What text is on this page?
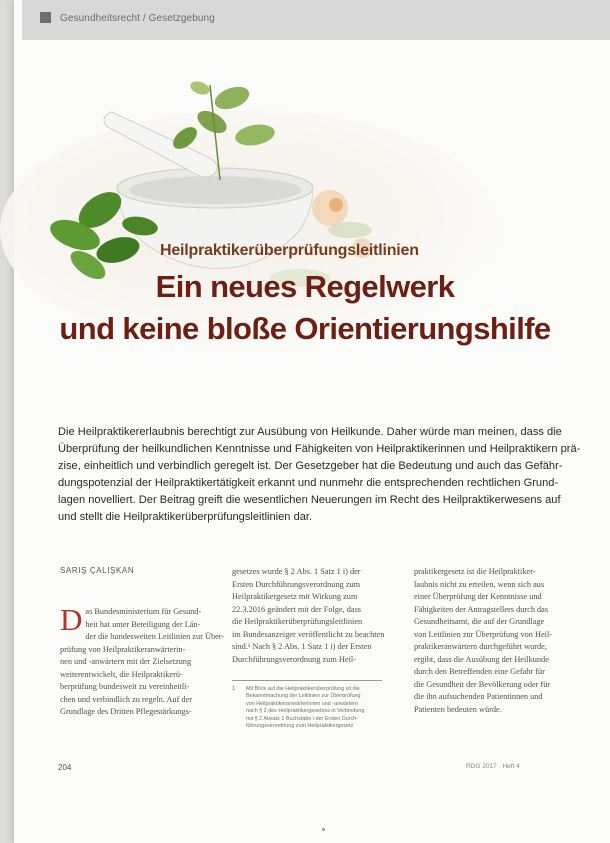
Gesundheitsrecht / Gesetzgebung
Heilpraktikerüberprüfungsleitlinien
Ein neues Regelwerk
und keine bloße Orientierungshilfe
Die Heilpraktikererlaubnis berechtigt zur Ausübung von Heilkunde. Daher würde man meinen, dass die
Überprüfung der heilkundlichen Kenntnisse und Fähigkeiten von Heilpraktikerinnen und Heilpraktikern prä-
zise, einheitlich und verbindlich geregelt ist. Der Gesetzgeber hat die Bedeutung und auch das Gefähr-
dungspotenzial der Heilpraktikertätigkeit erkannt und nunmehr die entsprechenden rechtlichen Grund-
lagen novelliert. Der Beitrag greift die wesentlichen Neuerungen im Recht des Heilpraktikerwesens auf
und stellt die Heilpraktikerüberprüfungsleitlinien dar.
SARIŞ ÇALIŞKAN
D as Bundesministerium für Gesund-
heit hat unter Beteiligung der Län-
der die bundesweiten Leitlinien zur Über-
prüfung von Heilpraktikeranwärterin-
nen und -anwärtern mit der Zielsetzung
weiterentwickelt, die Heilpraktikerü-
berprüfung bundesweit zu vereinheitli-
chen und verbindlich zu regeln. Auf der
Grundlage des Dritten Pflegestärkungs-
gesetzes wurde § 2 Abs. 1 Satz 1 i) der
Ersten Durchführungsverordnung zum
Heilpraktikergesetz mit Wirkung zum
22.3.2016 geändert mit der Folge, dass
die Heilpraktikerüberprüfungsleitlinien
im Bundesanzeiger veröffentlicht zu beachten
sind.¹ Nach § 2 Abs. 1 Satz 1 i) der Ersten
Durchführungsverordnung zum Heil-
1 Mit Blick auf die Heilpraktikerüberprüfung ist die
Bekanntmachung der Leitlinien zur Überprüfung
von Heilpraktikeranwärterinnen und -anwärtern
nach § 2 des Heilpraktikergesetzes in Verbindung
mit § 2 Absatz 1 Buchstabe i der Ersten Durch-
führungsverordnung zum Heilpraktikergesetz
praktikergesetz ist die Heilpraktiker-
laubnis nicht zu erteilen, wenn sich aus
einer Überprüfung der Kenntnisse und
Fähigkeiten der Antragstellers durch das
Gesundheitsamt, die auf der Grundlage
von Leitlinien zur Überprüfung von Heil-
praktikeranwärtern durchgeführt wurde,
ergibt, dass die Ausübung der Heilkunde
durch den Betreffenden eine Gefahr für
die Gesundheit der Bevölkerung oder für
die ihn aufsuchenden Patientinnen und
Patienten bedeuten würde.
204	RDG 2017 · Heft 4
